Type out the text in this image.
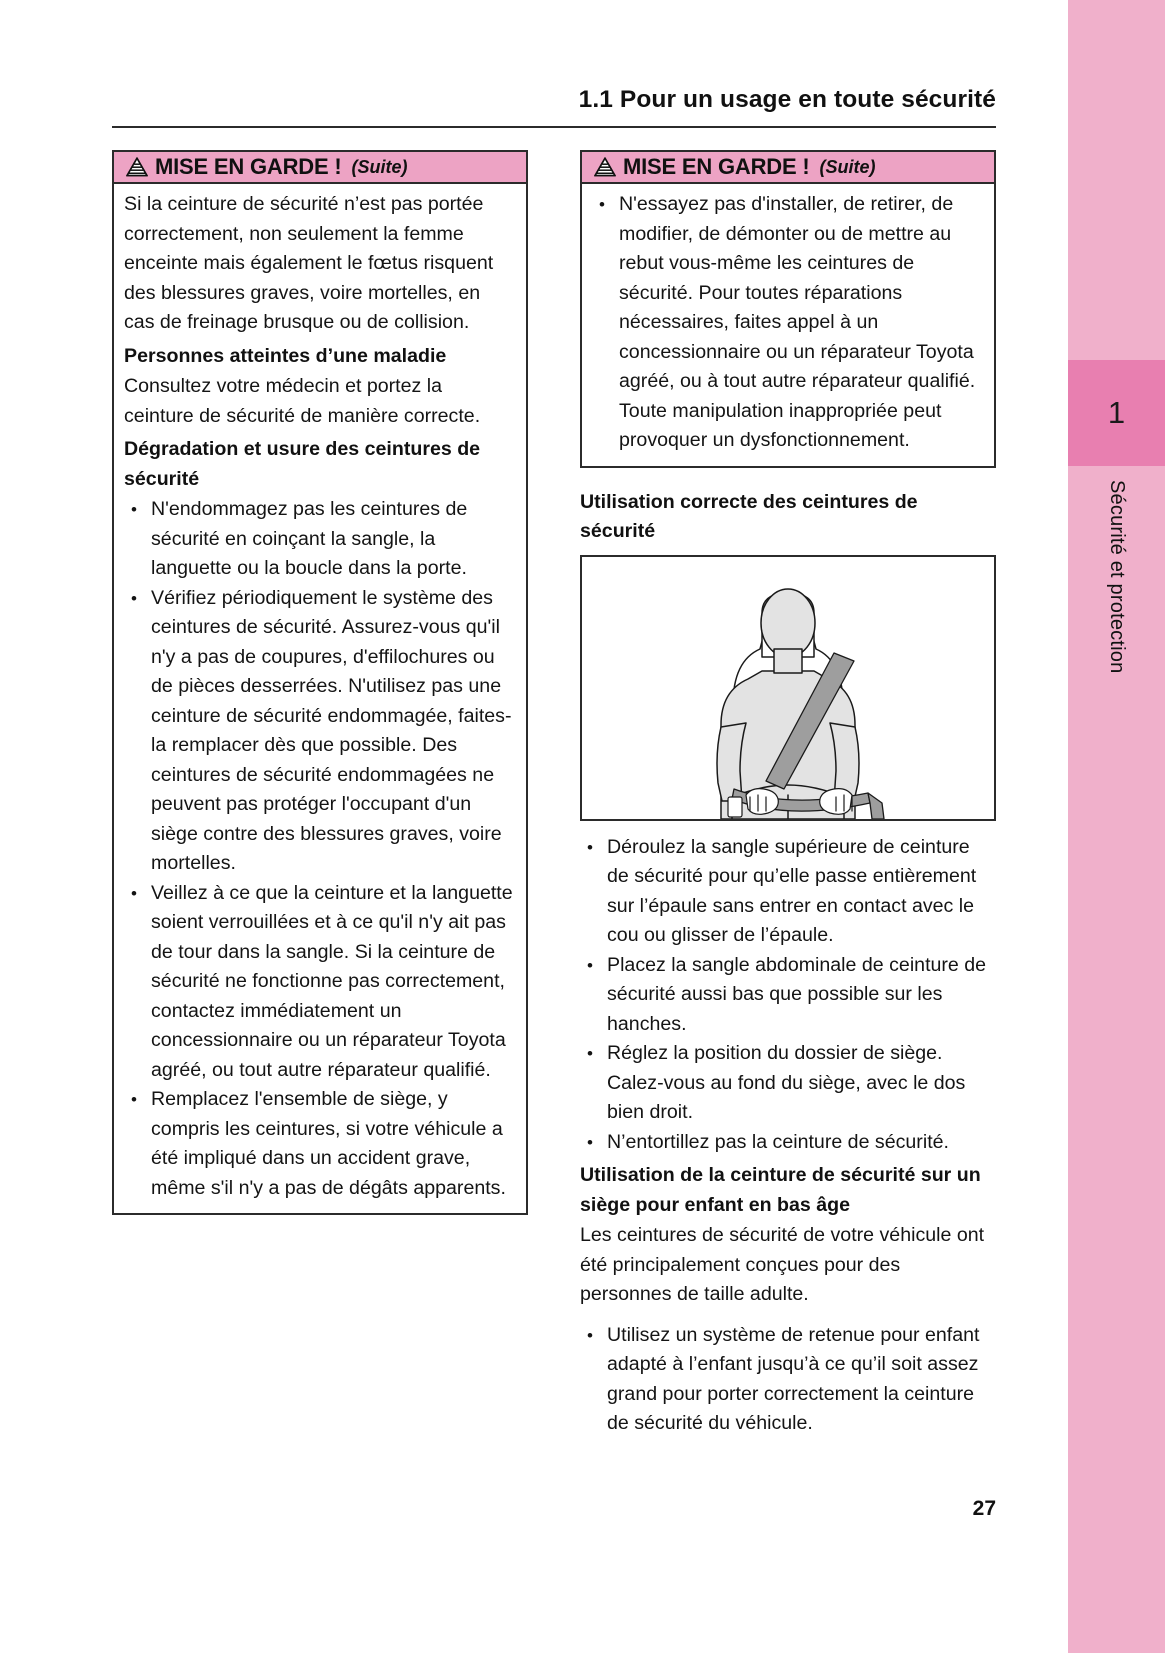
1
Sécurité et protection
1.1 Pour un usage en toute sécurité
MISE EN GARDE ! (Suite)

Si la ceinture de sécurité n’est pas portée correctement, non seulement la femme enceinte mais également le fœtus risquent des blessures graves, voire mortelles, en cas de freinage brusque ou de collision.

Personnes atteintes d’une maladie

Consultez votre médecin et portez la ceinture de sécurité de manière correcte.

Dégradation et usure des ceintures de sécurité
• N'endommagez pas les ceintures de sécurité en coinçant la sangle, la languette ou la boucle dans la porte.
• Vérifiez périodiquement le système des ceintures de sécurité. Assurez-vous qu'il n'y a pas de coupures, d'effilochures ou de pièces desserrées. N'utilisez pas une ceinture de sécurité endommagée, faites-la remplacer dès que possible. Des ceintures de sécurité endommagées ne peuvent pas protéger l'occupant d'un siège contre des blessures graves, voire mortelles.
• Veillez à ce que la ceinture et la languette soient verrouillées et à ce qu'il n'y ait pas de tour dans la sangle. Si la ceinture de sécurité ne fonctionne pas correctement, contactez immédiatement un concessionnaire ou un réparateur Toyota agréé, ou tout autre réparateur qualifié.
• Remplacez l'ensemble de siège, y compris les ceintures, si votre véhicule a été impliqué dans un accident grave, même s'il n'y a pas de dégâts apparents.
MISE EN GARDE ! (Suite)
• N'essayez pas d'installer, de retirer, de modifier, de démonter ou de mettre au rebut vous-même les ceintures de sécurité. Pour toutes réparations nécessaires, faites appel à un concessionnaire ou un réparateur Toyota agréé, ou à tout autre réparateur qualifié. Toute manipulation inappropriée peut provoquer un dysfonctionnement.
Utilisation correcte des ceintures de sécurité
• Déroulez la sangle supérieure de ceinture de sécurité pour qu’elle passe entièrement sur l’épaule sans entrer en contact avec le cou ou glisser de l’épaule.
• Placez la sangle abdominale de ceinture de sécurité aussi bas que possible sur les hanches.
• Réglez la position du dossier de siège. Calez-vous au fond du siège, avec le dos bien droit.
• N’entortillez pas la ceinture de sécurité.
Utilisation de la ceinture de sécurité sur un siège pour enfant en bas âge

Les ceintures de sécurité de votre véhicule ont été principalement conçues pour des personnes de taille adulte.

• Utilisez un système de retenue pour enfant adapté à l’enfant jusqu’à ce qu’il soit assez grand pour porter correctement la ceinture de sécurité du véhicule.
27
